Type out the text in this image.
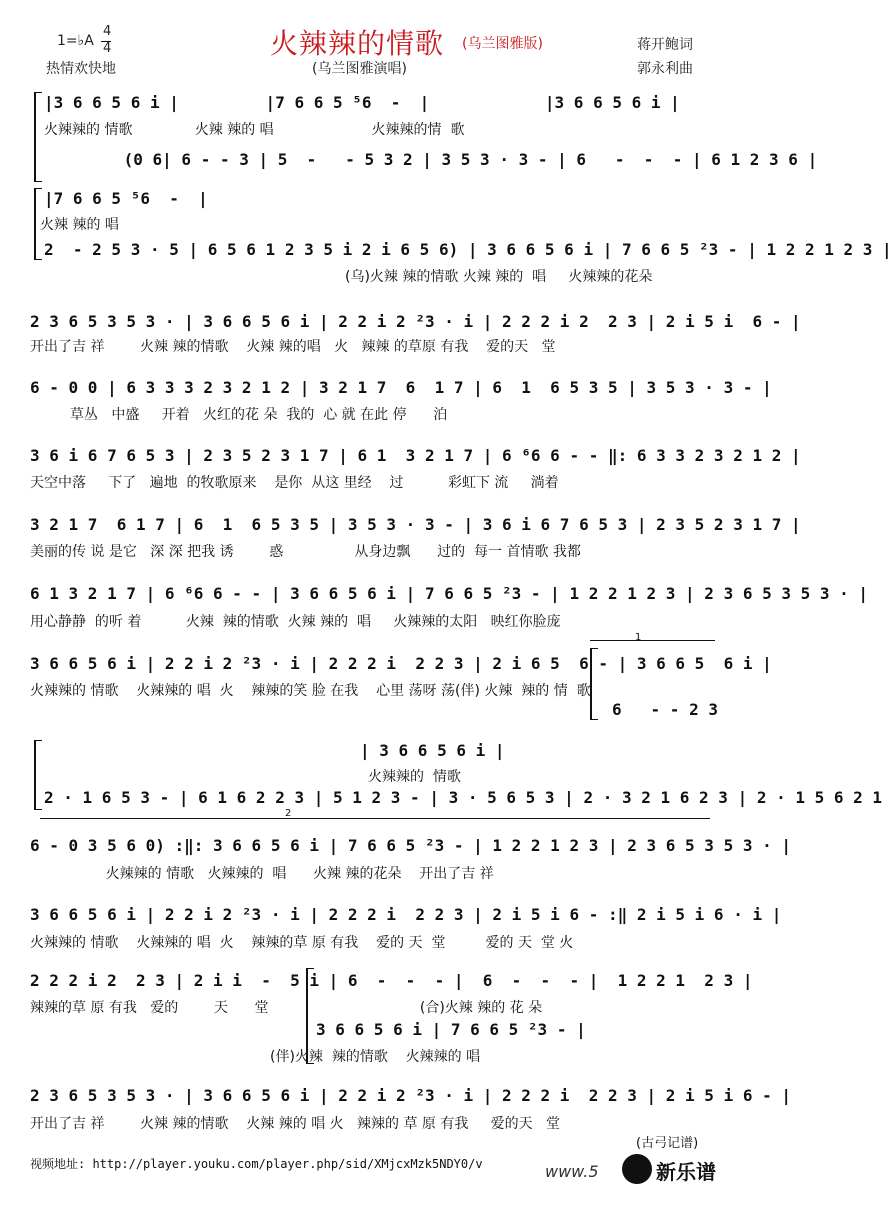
1=♭A
4
4
热情欢快地
火辣辣的情歌 (乌兰图雅版)	蒋开鲍词
郭永利曲
(乌兰图雅演唱)
|3 6 6 5 6 i |         |7 6 6 5 ⁵6  -  |            |3 6 6 5 6 i |
火辣辣的 情歌              火辣 辣的 唱                      火辣辣的情  歌
(0 6| 6 - - 3 | 5  -   - 5 3 2 | 3 5 3 · 3 - | 6   -  -  - | 6 1 2 3 6 |
|7 6 6 5 ⁵6  -  |
火辣 辣的 唱
2  - 2 5 3 · 5 | 6 5 6 1 2 3 5 i 2 i 6 5 6) | 3 6 6 5 6 i | 7 6 6 5 ²3 - | 1 2 2 1 2 3 |
(乌)火辣 辣的情歌 火辣 辣的  唱     火辣辣的花朵
2 3 6 5 3 5 3 · | 3 6 6 5 6 i | 2 2 i 2 ²3 · i | 2 2 2 i 2  2 3 | 2 i 5 i  6 - |
开出了吉 祥        火辣 辣的情歌    火辣 辣的唱   火   辣辣 的草原 有我    爱的天   堂
6 - 0 0 | 6 3 3 3 2 3 2 1 2 | 3 2 1 7  6  1 7 | 6  1  6 5 3 5 | 3 5 3 · 3 - |
草丛   中盛     开着   火红的花 朵  我的  心 就 在此 停      泊
3 6 i 6 7 6 5 3 | 2 3 5 2 3 1 7 | 6 1  3 2 1 7 | 6 ⁶6 6 - - ‖: 6 3 3 2 3 2 1 2 |
天空中落     下了   遍地  的牧歌原来    是你  从这 里经    过          彩虹下 流     淌着
3 2 1 7  6 1 7 | 6  1  6 5 3 5 | 3 5 3 · 3 - | 3 6 i 6 7 6 5 3 | 2 3 5 2 3 1 7 |
美丽的传 说 是它   深 深 把我 诱        惑                从身边飘      过的  每一 首情歌 我都
6 1 3 2 1 7 | 6 ⁶6 6 - - | 3 6 6 5 6 i | 7 6 6 5 ²3 - | 1 2 2 1 2 3 | 2 3 6 5 3 5 3 · |
用心静静  的听 着          火辣  辣的情歌  火辣 辣的  唱     火辣辣的太阳   映红你脸庞
1
3 6 6 5 6 i | 2 2 i 2 ²3 · i | 2 2 2 i  2 2 3 | 2 i 6 5  6 - | 3 6 6 5  6 i |
火辣辣的 情歌    火辣辣的 唱  火    辣辣的笑 脸 在我    心里 荡呀 荡(伴) 火辣  辣的 情  歌
6   - - 2 3
| 3 6 6 5 6 i |
火辣辣的  情歌
2 · 1 6 5 3 - | 6 1 6 2 2 3 | 5 1 2 3 - | 3 · 5 6 5 3 | 2 · 3 2 1 6 2 3 | 2 · 1 5 6 2 1
2
6 - 0 3 5 6 0) :‖: 3 6 6 5 6 i | 7 6 6 5 ²3 - | 1 2 2 1 2 3 | 2 3 6 5 3 5 3 · |
火辣辣的 情歌   火辣辣的  唱      火辣 辣的花朵    开出了吉 祥
3 6 6 5 6 i | 2 2 i 2 ²3 · i | 2 2 2 i  2 2 3 | 2 i 5 i 6 - :‖ 2 i 5 i 6 · i |
火辣辣的 情歌    火辣辣的 唱  火    辣辣的草 原 有我    爱的 天  堂         爱的 天  堂 火
2 2 2 i 2  2 3 | 2 i i  -  5 i | 6  -  -  - |  6  -  -  - |  1 2 2 1  2 3 |
辣辣的草 原 有我   爱的        天      堂                                  (合)火辣 辣的 花 朵
3 6 6 5 6 i | 7 6 6 5 ²3 - |
(伴)火辣  辣的情歌    火辣辣的 唱
2 3 6 5 3 5 3 · | 3 6 6 5 6 i | 2 2 i 2 ²3 · i | 2 2 2 i  2 2 3 | 2 i 5 i 6 - |
开出了吉 祥        火辣 辣的情歌    火辣 辣的 唱 火   辣辣的 草 原 有我     爱的天   堂
(古弓记谱)
视频地址: http://player.youku.com/player.php/sid/XMjcxMzk5NDY0/v	www.5

	新乐谱
